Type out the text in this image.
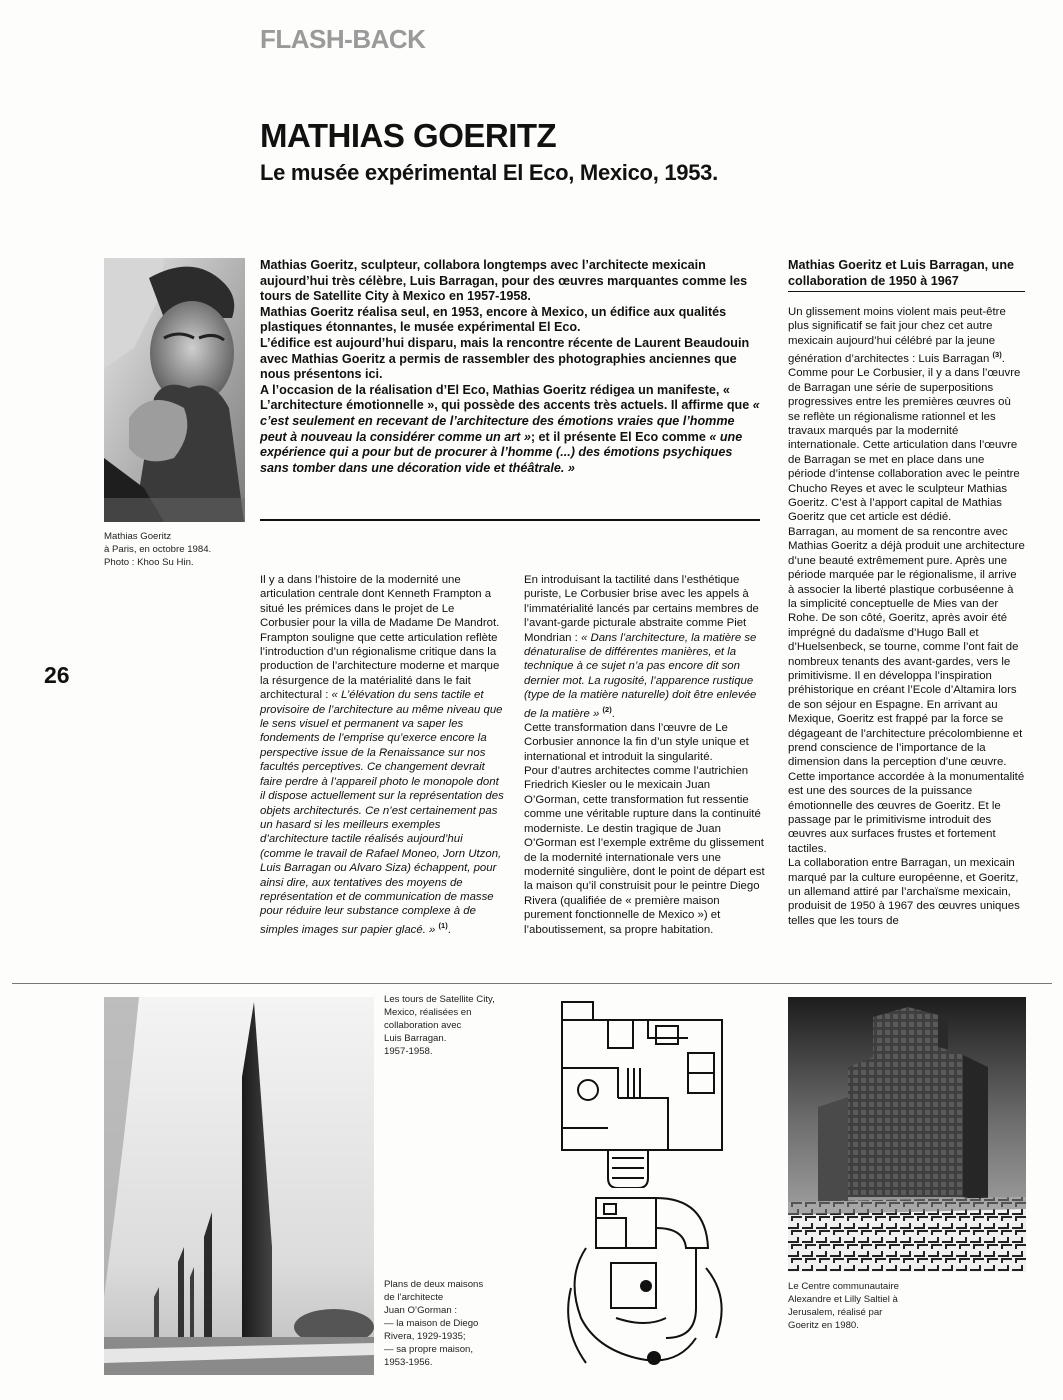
FLASH-BACK
MATHIAS GOERITZ
Le musée expérimental El Eco, Mexico, 1953.
Mathias Goeritz
à Paris, en octobre 1984.
Photo : Khoo Su Hin.
26

Mathias Goeritz, sculpteur, collabora longtemps avec l’architecte mexicain aujourd’hui très célèbre, Luis Barragan, pour des œuvres marquantes comme les tours de Satellite City à Mexico en 1957-1958.

Mathias Goeritz réalisa seul, en 1953, encore à Mexico, un édifice aux qualités plastiques étonnantes, le musée expérimental El Eco.

L’édifice est aujourd’hui disparu, mais la rencontre récente de Laurent Beaudouin avec Mathias Goeritz a permis de rassembler des photographies anciennes que nous présentons ici.

A l’occasion de la réalisation d’El Eco, Mathias Goeritz rédigea un manifeste, « L’architecture émotionnelle », qui possède des accents très actuels. Il affirme que « c’est seulement en recevant de l’architecture des émotions vraies que l’homme peut à nouveau la considérer comme un art »; et il présente El Eco comme « une expérience qui a pour but de procurer à l’homme (...) des émotions psychiques sans tomber dans une décoration vide et théâtrale. »

Il y a dans l’histoire de la modernité une articulation centrale dont Kenneth Frampton a situé les prémices dans le projet de Le Corbusier pour la villa de Madame De Mandrot. Frampton souligne que cette articulation reflète l’introduction d’un régionalisme critique dans la production de l’architecture moderne et marque la résurgence de la matérialité dans le fait architectural : « L’élévation du sens tactile et provisoire de l’architecture au même niveau que le sens visuel et permanent va saper les fondements de l’emprise qu’exerce encore la perspective issue de la Renaissance sur nos facultés perceptives. Ce changement devrait faire perdre à l’appareil photo le monopole dont il dispose actuellement sur la représentation des objets architecturés. Ce n’est certainement pas un hasard si les meilleurs exemples d’architecture tactile réalisés aujourd’hui (comme le travail de Rafael Moneo, Jorn Utzon, Luis Barragan ou Alvaro Siza) échappent, pour ainsi dire, aux tentatives des moyens de représentation et de communication de masse pour réduire leur substance complexe à de simples images sur papier glacé. » $^{(1)}$.

En introduisant la tactilité dans l’esthétique puriste, Le Corbusier brise avec les appels à l’immatérialité lancés par certains membres de l’avant-garde picturale abstraite comme Piet Mondrian : « Dans l’architecture, la matière se dénaturalise de différentes manières, et la technique à ce sujet n’a pas encore dit son dernier mot. La rugosité, l’apparence rustique (type de la matière naturelle) doit être enlevée de la matière » $^{(2)}$.

Cette transformation dans l’œuvre de Le Corbusier annonce la fin d’un style unique et international et introduit la singularité.

Pour d’autres architectes comme l’autrichien Friedrich Kiesler ou le mexicain Juan O’Gorman, cette transformation fut ressentie comme une véritable rupture dans la continuité moderniste. Le destin tragique de Juan O’Gorman est l’exemple extrême du glissement de la modernité internationale vers une modernité singulière, dont le point de départ est la maison qu’il construisit pour le peintre Diego Rivera (qualifiée de « première maison purement fonctionnelle de Mexico ») et l’aboutissement, sa propre habitation.

Mathias Goeritz et Luis Barragan, une collaboration de 1950 à 1967

Un glissement moins violent mais peut-être plus significatif se fait jour chez cet autre mexicain aujourd’hui célébré par la jeune génération d’architectes : Luis Barragan $^{(3)}$.

Comme pour Le Corbusier, il y a dans l’œuvre de Barragan une série de superpositions progressives entre les premières œuvres où se reflète un régionalisme rationnel et les travaux marqués par la modernité internationale. Cette articulation dans l’œuvre de Barragan se met en place dans une période d’intense collaboration avec le peintre Chucho Reyes et avec le sculpteur Mathias Goeritz. C’est à l’apport capital de Mathias Goeritz que cet article est dédié.

Barragan, au moment de sa rencontre avec Mathias Goeritz a déjà produit une architecture d’une beauté extrêmement pure. Après une période marquée par le régionalisme, il arrive à associer la liberté plastique corbuséenne à la simplicité conceptuelle de Mies van der Rohe. De son côté, Goeritz, après avoir été imprégné du dadaïsme d’Hugo Ball et d’Huelsenbeck, se tourne, comme l’ont fait de nombreux tenants des avant-gardes, vers le primitivisme. Il en développa l’inspiration préhistorique en créant l’Ecole d’Altamira lors de son séjour en Espagne. En arrivant au Mexique, Goeritz est frappé par la force se dégageant de l’architecture précolombienne et prend conscience de l’importance de la dimension dans la perception d’une œuvre. Cette importance accordée à la monumentalité est une des sources de la puissance émotionnelle des œuvres de Goeritz. Et le passage par le primitivisme introduit des œuvres aux surfaces frustes et fortement tactiles.

La collaboration entre Barragan, un mexicain marqué par la culture européenne, et Goeritz, un allemand attiré par l’archaïsme mexicain, produisit de 1950 à 1967 des œuvres uniques telles que les tours de

Les tours de Satellite City,
Mexico, réalisées en
collaboration avec
Luis Barragan.
1957-1958.
Plans de deux maisons
de l’architecte
Juan O’Gorman :
— la maison de Diego
Rivera, 1929-1935;
— sa propre maison,
1953-1956.
Le Centre communautaire
Alexandre et Lilly Saltiel à
Jerusalem, réalisé par
Goeritz en 1980.
